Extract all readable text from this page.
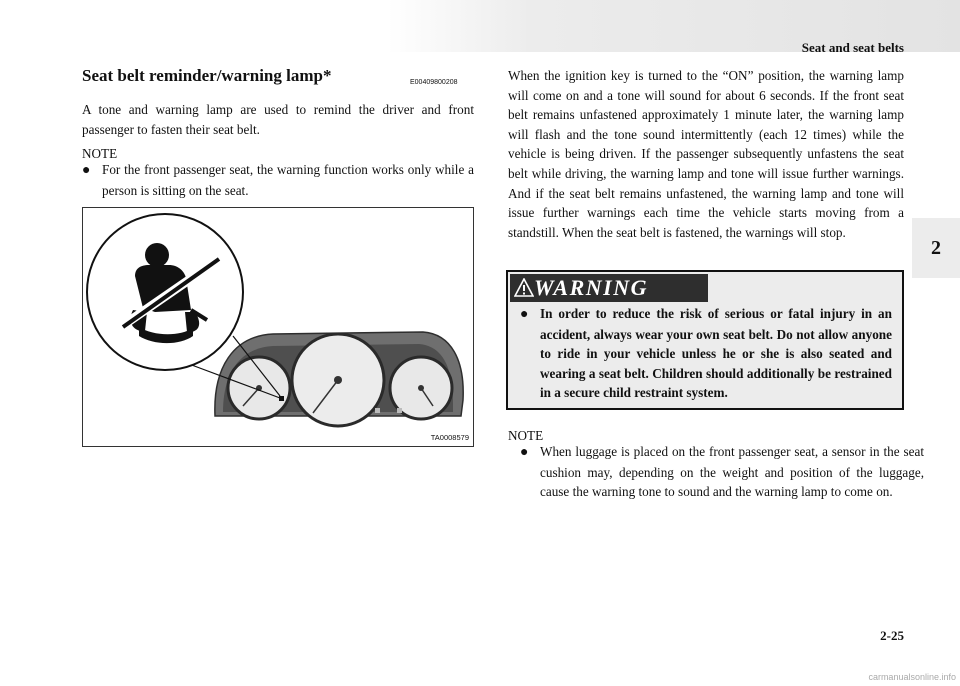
Seat and seat belts
2
Seat belt reminder/warning lamp*	E00409800208

A tone and warning lamp are used to remind the driver and front passenger to fasten their seat belt.

NOTE
● For the front passenger seat, the warning function works only while a person is sitting on the seat.
TA0008579

When the ignition key is turned to the “ON” position, the warning lamp will come on and a tone will sound for about 6 seconds. If the front seat belt remains unfastened approximately 1 minute later, the warning lamp will flash and the tone sound intermittently (each 12 times) while the vehicle is being driven. If the passenger subsequently unfastens the seat belt while driving, the warning lamp and tone will issue further warnings. And if the seat belt remains unfastened, the warning lamp and tone will issue further warnings each time the vehicle starts moving from a standstill. When the seat belt is fastened, the warnings will stop.

WARNING
● In order to reduce the risk of serious or fatal injury in an accident, always wear your own seat belt. Do not allow anyone to ride in your vehicle unless he or she is also seated and wearing a seat belt. Children should additionally be restrained in a secure child restraint system.
NOTE
● When luggage is placed on the front passenger seat, a sensor in the seat cushion may, depending on the weight and position of the luggage, cause the warning tone to sound and the warning lamp to come on.
2-25
carmanualsonline.info
